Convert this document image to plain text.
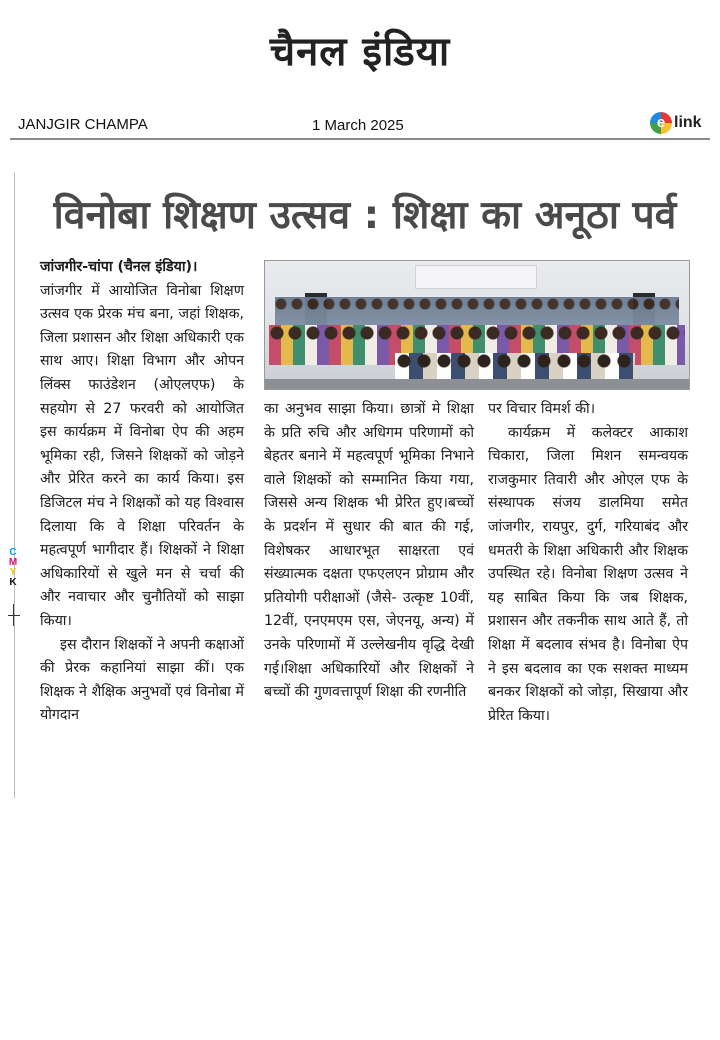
चैनल इंडिया
JANJGIR CHAMPA	1 March 2025	e link
C
M
Y
K
विनोबा शिक्षण उत्सव : शिक्षा का अनूठा पर्व

जांजगीर-चांपा (चैनल इंडिया)।

जांजगीर में आयोजित विनोबा शिक्षण उत्सव एक प्रेरक मंच बना, जहां शिक्षक, जिला प्रशासन और शिक्षा अधिकारी एक साथ आए। शिक्षा विभाग और ओपन लिंक्स फाउंडेशन (ओएलएफ) के सहयोग से 27 फरवरी को आयोजित इस कार्यक्रम में विनोबा ऐप की अहम भूमिका रही, जिसने शिक्षकों को जोड़ने और प्रेरित करने का कार्य किया। इस डिजिटल मंच ने शिक्षकों को यह विश्वास दिलाया कि वे शिक्षा परिवर्तन के महत्वपूर्ण भागीदार हैं। शिक्षकों ने शिक्षा अधिकारियों से खुले मन से चर्चा की और नवाचार और चुनौतियों को साझा किया।

इस दौरान शिक्षकों ने अपनी कक्षाओं की प्रेरक कहानियां साझा कीं। एक शिक्षक ने शैक्षिक अनुभवों एवं विनोबा में योगदान

का अनुभव साझा किया। छात्रों मे शिक्षा के प्रति रुचि और अधिगम परिणामों को बेहतर बनाने में महत्वपूर्ण भूमिका निभाने वाले शिक्षकों को सम्मानित किया गया, जिससे अन्य शिक्षक भी प्रेरित हुए।बच्चों के प्रदर्शन में सुधार की बात की गई, विशेषकर आधारभूत साक्षरता एवं संख्यात्मक दक्षता एफएलएन प्रोग्राम और प्रतियोगी परीक्षाओं (जैसे- उत्कृष्ट 10वीं, 12वीं, एनएमएम एस, जेएनयू, अन्य) में उनके परिणामों में उल्लेखनीय वृद्धि देखी गई।शिक्षा अधिकारियों और शिक्षकों ने बच्चों की गुणवत्तापूर्ण शिक्षा की रणनीति

पर विचार विमर्श की।

कार्यक्रम में कलेक्टर आकाश चिकारा, जिला मिशन समन्वयक राजकुमार तिवारी और ओएल एफ के संस्थापक संजय डालमिया समेत जांजगीर, रायपुर, दुर्ग, गरियाबंद और धमतरी के शिक्षा अधिकारी और शिक्षक उपस्थित रहे। विनोबा शिक्षण उत्सव ने यह साबित किया कि जब शिक्षक, प्रशासन और तकनीक साथ आते हैं, तो शिक्षा में बदलाव संभव है। विनोबा ऐप ने इस बदलाव का एक सशक्त माध्यम बनकर शिक्षकों को जोड़ा, सिखाया और प्रेरित किया।
